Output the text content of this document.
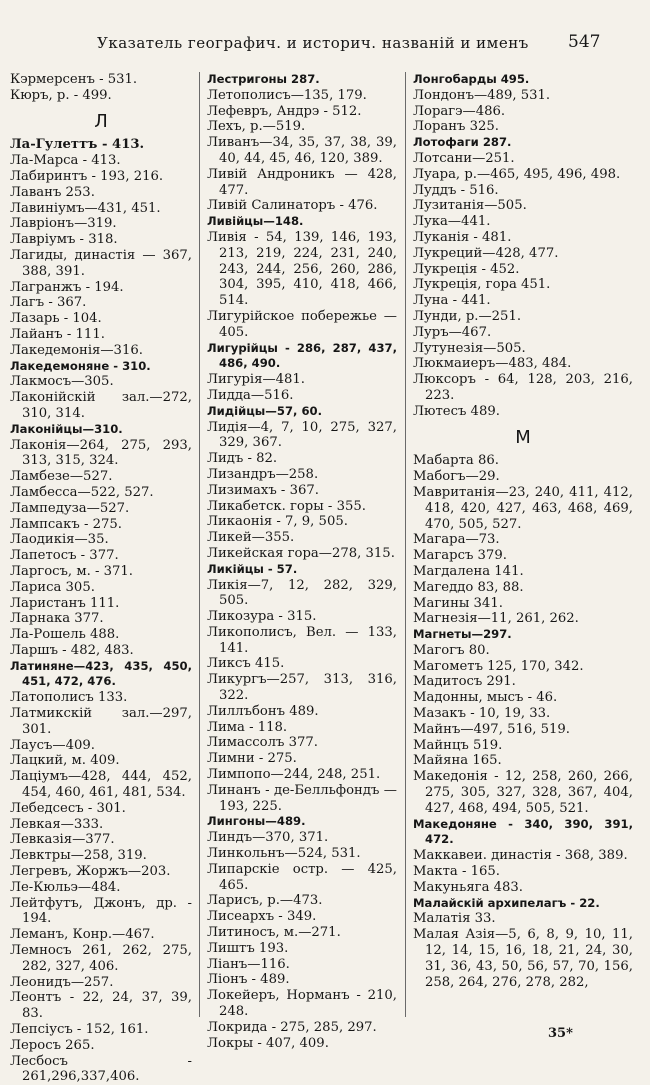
Указатель географич. и историч. названій и именъ 547
Кэрмерсенъ - 531.
Кюръ, р. - 499.
Л
Ла-Гулеттъ - 413.
Ла-Марса - 413.
Лабиринтъ - 193, 216.
Лаванъ 253.
Лавиніумъ—431, 451.
Лавріонъ—319.
Лавріумъ - 318.
Лагиды, династія — 367, 388, 391.
Лагранжъ - 194.
Лагъ - 367.
Лазарь - 104.
Лайанъ - 111.
Лакедемонія—316.
Лакедемоняне - 310.
Лакмосъ—305.
Лаконійскій зал.—272, 310, 314.
Лаконійцы—310.
Лаконія—264, 275, 293, 313, 315, 324.
Ламбезе—527.
Ламбесса—522, 527.
Лампедуза—527.
Лампсакъ - 275.
Лаодикія—35.
Лапетосъ - 377.
Ларгосъ, м. - 371.
Лариса 305.
Ларистанъ 111.
Ларнака 377.
Ла-Рошель 488.
Ларшъ - 482, 483.
Латиняне—423, 435, 450, 451, 472, 476.
Латополисъ 133.
Латмикскій зал.—297, 301.
Лаусъ—409.
Лацкий, м. 409.
Лаціумъ—428, 444, 452, 454, 460, 461, 481, 534.
Лебедсесъ - 301.
Левкая—333.
Левказія—377.
Левктры—258, 319.
Легревъ, Жоржъ—203.
Ле-Кюльэ—484.
Лейтфутъ, Джонъ, др. - 194.
Леманъ, Конр.—467.
Лемносъ 261, 262, 275, 282, 327, 406.
Леонидъ—257.
Леонтъ - 22, 24, 37, 39, 83.
Лепсіусъ - 152, 161.
Леросъ 265.
Лесбосъ - 261,296,337,406.
Лестригоны 287.
Летополисъ—135, 179.
Лефевръ, Андрэ - 512.
Лехъ, р.—519.
Ливанъ—34, 35, 37, 38, 39, 40, 44, 45, 46, 120, 389.
Ливій Андроникъ — 428, 477.
Ливій Салинаторъ - 476.
Ливійцы—148.
Ливія - 54, 139, 146, 193, 213, 219, 224, 231, 240, 243, 244, 256, 260, 286, 304, 395, 410, 418, 466, 514.
Лигурійское побережье — 405.
Лигурійцы - 286, 287, 437, 486, 490.
Лигурія—481.
Лидда—516.
Лидійцы—57, 60.
Лидія—4, 7, 10, 275, 327, 329, 367.
Лидъ - 82.
Лизандръ—258.
Лизимахъ - 367.
Ликабетск. горы - 355.
Ликаонія - 7, 9, 505.
Ликей—355.
Ликейская гора—278, 315.
Ликійцы - 57.
Ликія—7, 12, 282, 329, 505.
Ликозура - 315.
Ликополисъ, Вел. — 133, 141.
Ликсъ 415.
Ликургъ—257, 313, 316, 322.
Лиллъбонъ 489.
Лима - 118.
Лимассолъ 377.
Лимни - 275.
Лимпопо—244, 248, 251.
Линанъ - де-Белльфондъ — 193, 225.
Лингоны—489.
Линдъ—370, 371.
Линкольнъ—524, 531.
Липарскіе остр. — 425, 465.
Ларисъ, р.—473.
Лисеархъ - 349.
Литиносъ, м.—271.
Лиштъ 193.
Ліанъ—116.
Ліонъ - 489.
Локейеръ, Норманъ - 210, 248.
Локрида - 275, 285, 297.
Локры - 407, 409.
Лонгобарды 495.
Лондонъ—489, 531.
Лорагэ—486.
Лоранъ 325.
Лотофаги 287.
Лотсани—251.
Луара, р.—465, 495, 496, 498.
Луддъ - 516.
Лузитанія—505.
Лука—441.
Луканія - 481.
Лукреций—428, 477.
Лукреція - 452.
Лукреція, гора 451.
Луна - 441.
Лунди, р.—251.
Луръ—467.
Лутунезія—505.
Люкмаиеръ—483, 484.
Люксоръ - 64, 128, 203, 216, 223.
Лютесъ 489.
М
Мабарта 86.
Мабогъ—29.
Мавританія—23, 240, 411, 412, 418, 420, 427, 463, 468, 469, 470, 505, 527.
Магара—73.
Магарсъ 379.
Магдалена 141.
Магеддо 83, 88.
Магины 341.
Магнезія—11, 261, 262.
Магнеты—297.
Магогъ 80.
Магометъ 125, 170, 342.
Мадитосъ 291.
Мадонны, мысъ - 46.
Мазакъ - 10, 19, 33.
Майнъ—497, 516, 519.
Майнцъ 519.
Майяна 165.
Македонія - 12, 258, 260, 266, 275, 305, 327, 328, 367, 404, 427, 468, 494, 505, 521.
Македоняне - 340, 390, 391, 472.
Маккавеи. династія - 368, 389.
Макта - 165.
Макуньяга 483.
Малайскій архипелагъ - 22.
Малатія 33.
Малая Азія—5, 6, 8, 9, 10, 11, 12, 14, 15, 16, 18, 21, 24, 30, 31, 36, 43, 50, 56, 57, 70, 156, 258, 264, 276, 278, 282,
35*
